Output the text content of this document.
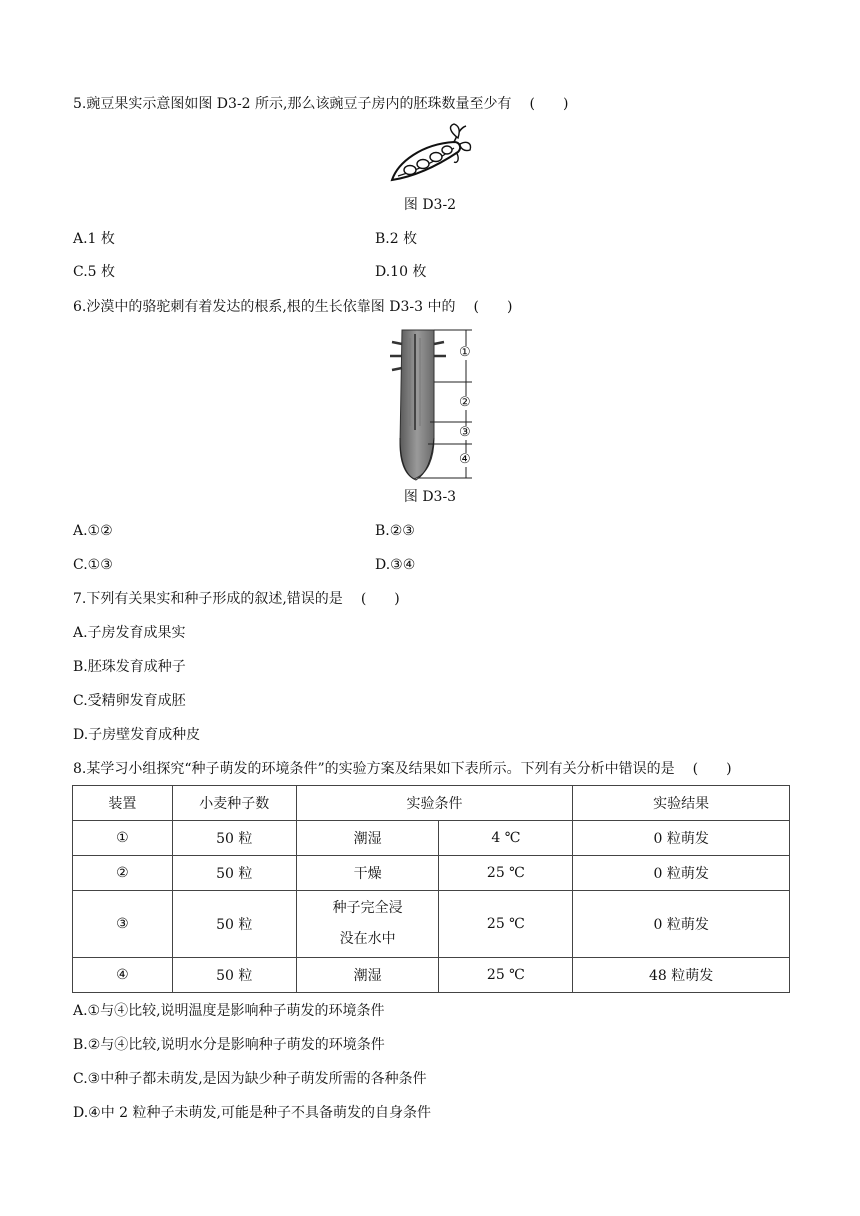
5.豌豆果实示意图如图 D3-2 所示,那么该豌豆子房内的胚珠数量至少有 (　　)
图 D3-2
A.1 枚	B.2 枚
C.5 枚	D.10 枚
6.沙漠中的骆驼刺有着发达的根系,根的生长依靠图 D3-3 中的 (　　)
①
②
③
④
图 D3-3
A.①②	B.②③
C.①③	D.③④
7.下列有关果实和种子形成的叙述,错误的是 (　　)
A.子房发育成果实
B.胚珠发育成种子
C.受精卵发育成胚
D.子房壁发育成种皮
8.某学习小组探究“种子萌发的环境条件”的实验方案及结果如下表所示。下列有关分析中错误的是 (　　)
装置	小麦种子数	实验条件		实验结果
①	50 粒	潮湿	4 ℃	0 粒萌发
②	50 粒	干燥	25 ℃	0 粒萌发
③	50 粒	种子完全浸
没在水中	25 ℃	0 粒萌发
④	50 粒	潮湿	25 ℃	48 粒萌发
A.①与④比较,说明温度是影响种子萌发的环境条件
B.②与④比较,说明水分是影响种子萌发的环境条件
C.③中种子都未萌发,是因为缺少种子萌发所需的各种条件
D.④中 2 粒种子未萌发,可能是种子不具备萌发的自身条件
